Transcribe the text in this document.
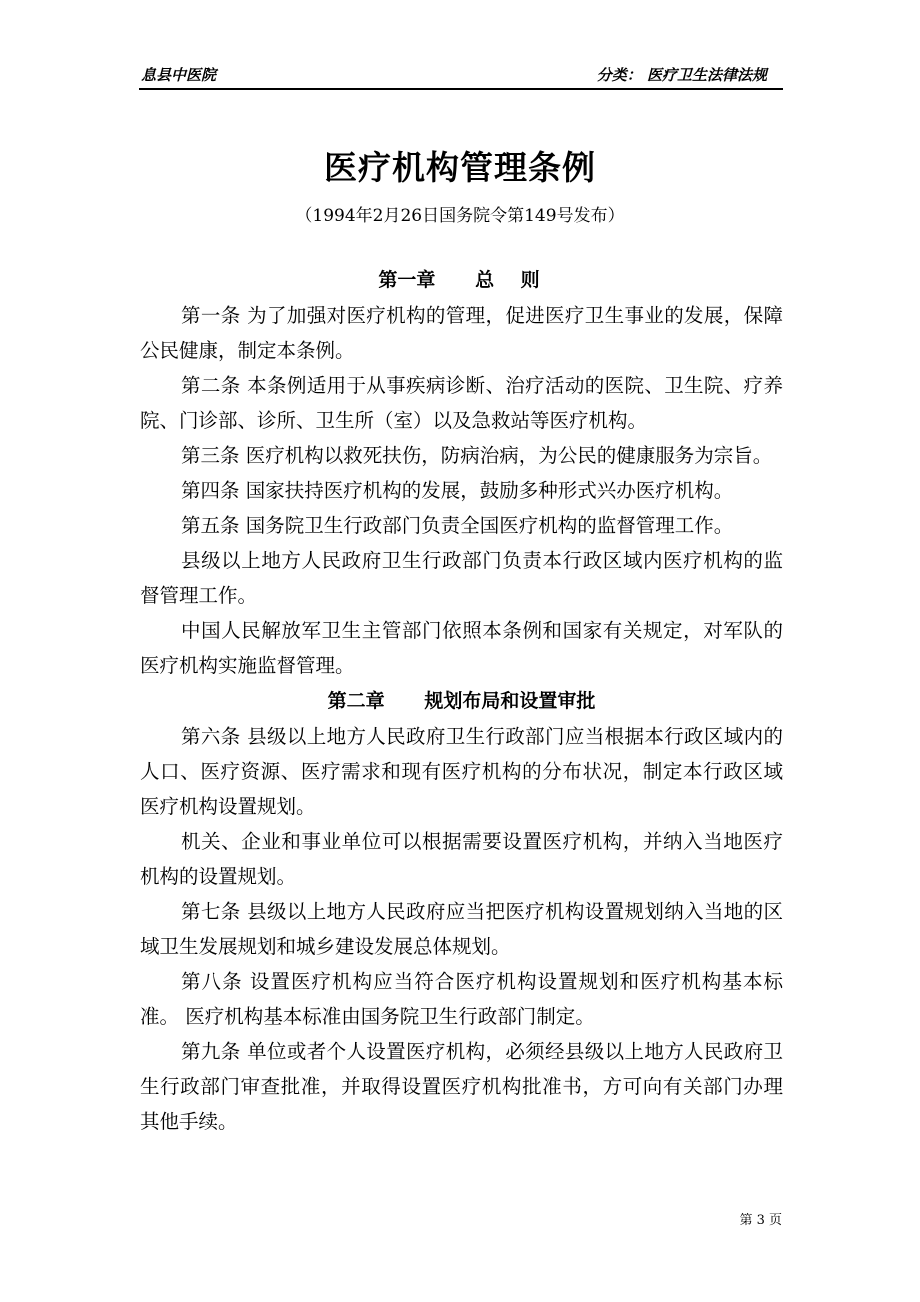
息县中医院	分类： 医疗卫生法律法规
医疗机构管理条例
（1994年2月26日国务院令第149号发布）
第一章      总    则

第一条 为了加强对医疗机构的管理，促进医疗卫生事业的发展，保障公民健康，制定本条例。

第二条 本条例适用于从事疾病诊断、治疗活动的医院、卫生院、疗养院、门诊部、诊所、卫生所（室）以及急救站等医疗机构。

第三条 医疗机构以救死扶伤，防病治病，为公民的健康服务为宗旨。

第四条 国家扶持医疗机构的发展，鼓励多种形式兴办医疗机构。

第五条 国务院卫生行政部门负责全国医疗机构的监督管理工作。

县级以上地方人民政府卫生行政部门负责本行政区域内医疗机构的监督管理工作。

中国人民解放军卫生主管部门依照本条例和国家有关规定，对军队的医疗机构实施监督管理。

第二章      规划布局和设置审批

第六条 县级以上地方人民政府卫生行政部门应当根据本行政区域内的人口、医疗资源、医疗需求和现有医疗机构的分布状况，制定本行政区域医疗机构设置规划。

机关、企业和事业单位可以根据需要设置医疗机构，并纳入当地医疗机构的设置规划。

第七条 县级以上地方人民政府应当把医疗机构设置规划纳入当地的区域卫生发展规划和城乡建设发展总体规划。

第八条 设置医疗机构应当符合医疗机构设置规划和医疗机构基本标准。 医疗机构基本标准由国务院卫生行政部门制定。

第九条 单位或者个人设置医疗机构，必须经县级以上地方人民政府卫生行政部门审查批准，并取得设置医疗机构批准书，方可向有关部门办理其他手续。

第 3 页
